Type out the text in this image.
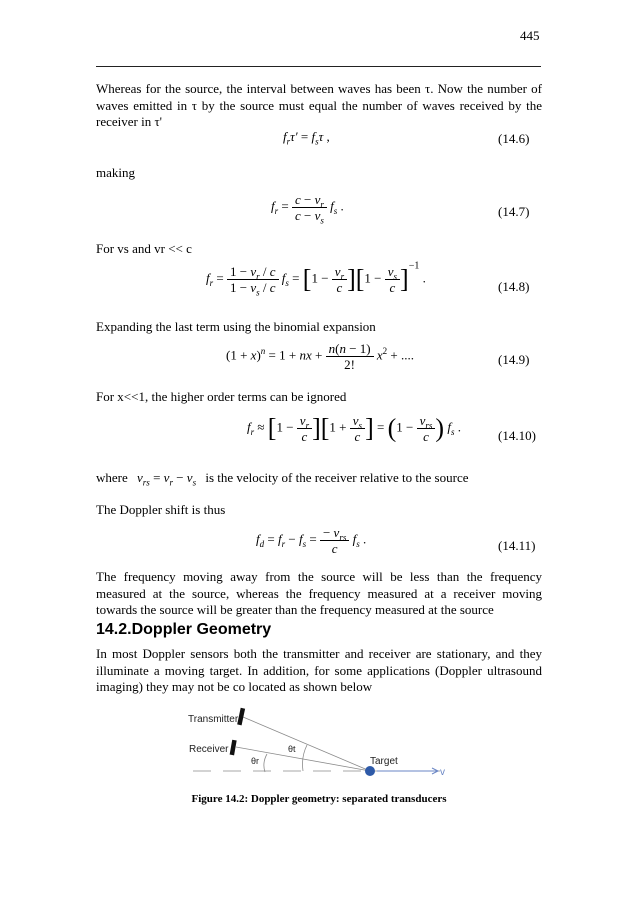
445
Whereas for the source, the interval between waves has been τ. Now the number of waves emitted in τ by the source must equal the number of waves received by the receiver in τ'
$f_r\tau' = f_s\tau$ ,	(14.6)
making
$f_r = \frac{c - v_r}{c - v_s} f_s$ .	(14.7)
For vs and vr << c
$f_r = \frac{1 - v_r / c}{1 - v_s / c} f_s = [1 - \frac{v_r}{c} ][1 - \frac{v_s}{c} ]^{-1}$ .
(14.8)
Expanding the last term using the binomial expansion
$(1 + x)^n = 1$ + nx + $\frac{n(n - 1)}{2!} x^2$ + ....	(14.9)
For x<<1, the higher order terms can be ignored
$f_r \approx [1 - \frac{v_r}{c} ][1 + \frac{v_s}{c}$ ] = ($1 - \frac{v_{rs}}{c}$ ) $f_s$ .
(14.10)
where $v_{rs} = v_r - v_s$ is the velocity of the receiver relative to the source
The Doppler shift is thus
$f_d = f_r - f_s = \frac{- v_{rs}}{c} f_s$ .	(14.11)
The frequency moving away from the source will be less than the frequency measured at the source, whereas the frequency measured at a receiver moving towards the source will be greater than the frequency measured at the source
14.2.Doppler Geometry
In most Doppler sensors both the transmitter and receiver are stationary, and they illuminate a moving target. In addition, for some applications (Doppler ultrasound imaging) they may not be co located as shown below
v
Transmitter
Receiver
Target
θt
θr
Figure 14.2: Doppler geometry: separated transducers
